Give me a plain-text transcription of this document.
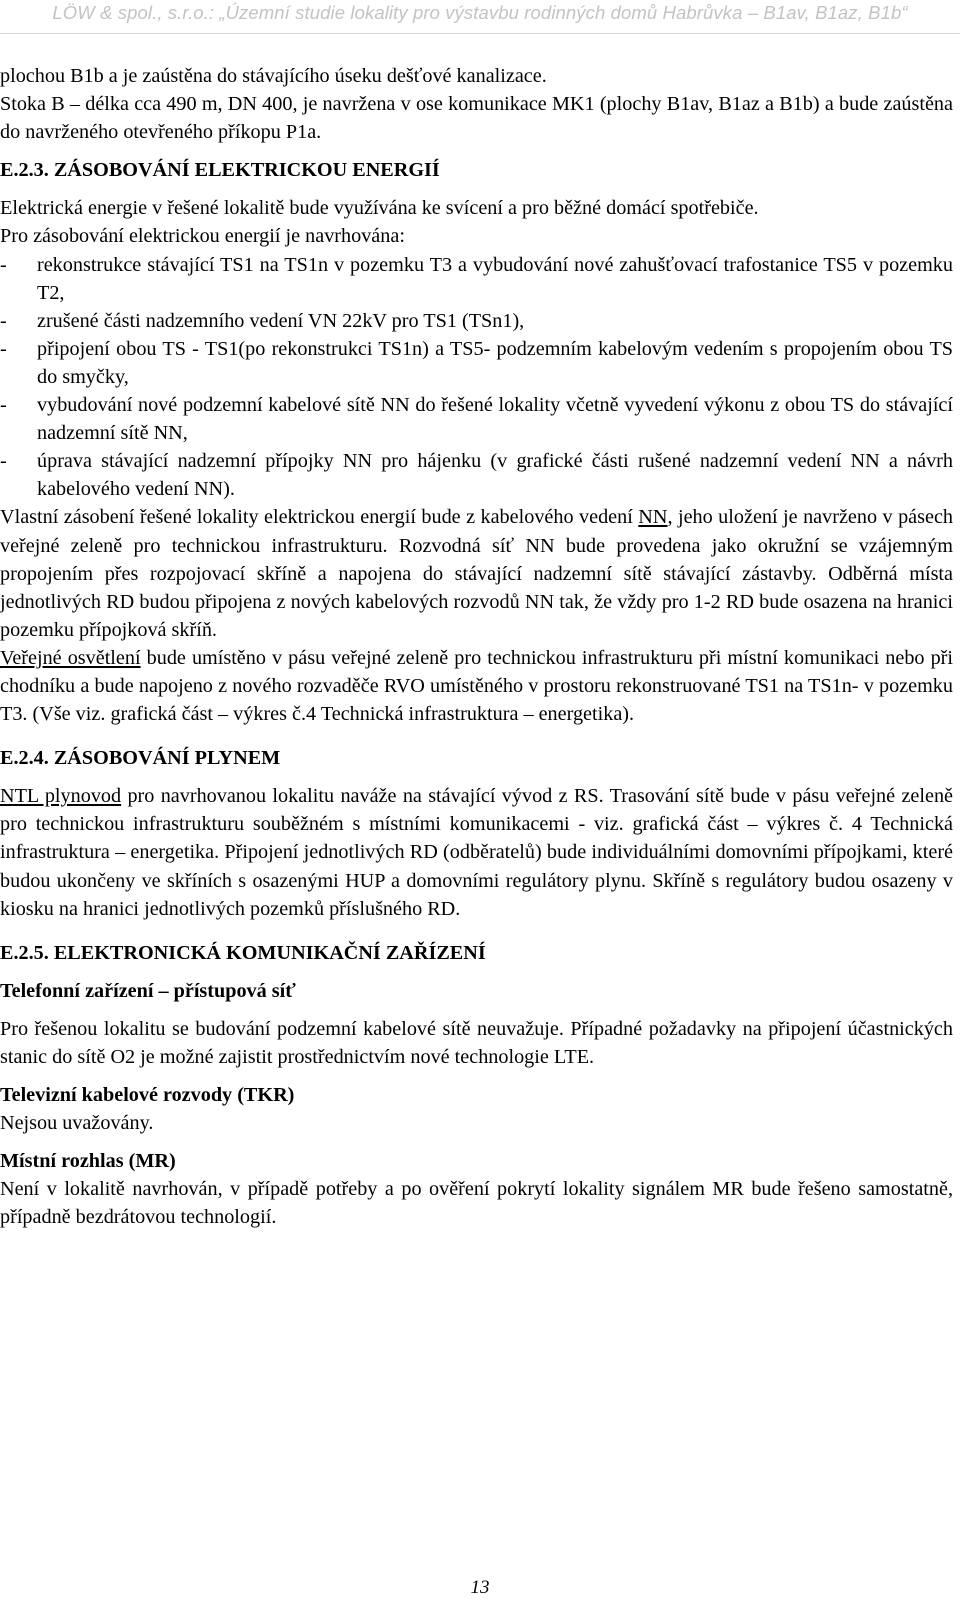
LÖW & spol., s.r.o.: „Územní studie lokality pro výstavbu rodinných domů Habrůvka – B1av, B1az, B1b“

plochou B1b a je zaústěna do stávajícího úseku dešťové kanalizace.

Stoka B – délka cca 490 m, DN 400, je navržena v ose komunikace MK1 (plochy B1av, B1az a B1b) a bude zaústěna do navrženého otevřeného příkopu P1a.

E.2.3. ZÁSOBOVÁNÍ ELEKTRICKOU ENERGIÍ

Elektrická energie v řešené lokalitě bude využívána ke svícení a pro běžné domácí spotřebiče.

Pro zásobování elektrickou energií je navrhována:

- rekonstrukce stávající TS1 na TS1n v pozemku T3 a vybudování nové zahušťovací trafostanice TS5 v pozemku T2,
- zrušené části nadzemního vedení VN 22kV pro TS1 (TSn1),
- připojení obou TS - TS1(po rekonstrukci TS1n) a TS5- podzemním kabelovým vedením s propojením obou TS do smyčky,
- vybudování nové podzemní kabelové sítě NN do řešené lokality včetně vyvedení výkonu z obou TS do stávající nadzemní sítě NN,
- úprava stávající nadzemní přípojky NN pro hájenku (v grafické části rušené nadzemní vedení NN a návrh kabelového vedení NN).

Vlastní zásobení řešené lokality elektrickou energií bude z kabelového vedení NN, jeho uložení je navrženo v pásech veřejné zeleně pro technickou infrastrukturu. Rozvodná síť NN bude provedena jako okružní se vzájemným propojením přes rozpojovací skříně a napojena do stávající nadzemní sítě stávající zástavby. Odběrná místa jednotlivých RD budou připojena z nových kabelových rozvodů NN tak, že vždy pro 1-2 RD bude osazena na hranici pozemku přípojková skříň.

Veřejné osvětlení bude umístěno v pásu veřejné zeleně pro technickou infrastrukturu při místní komunikaci nebo při chodníku a bude napojeno z nového rozvaděče RVO umístěného v prostoru rekonstruované TS1 na TS1n- v pozemku T3. (Vše viz. grafická část – výkres č.4 Technická infrastruktura – energetika).

E.2.4. ZÁSOBOVÁNÍ PLYNEM

NTL plynovod pro navrhovanou lokalitu naváže na stávající vývod z RS. Trasování sítě bude v pásu veřejné zeleně pro technickou infrastrukturu souběžném s místními komunikacemi - viz. grafická část – výkres č. 4 Technická infrastruktura – energetika. Připojení jednotlivých RD (odběratelů) bude individuálními domovními přípojkami, které budou ukončeny ve skříních s osazenými HUP a domovními regulátory plynu. Skříně s regulátory budou osazeny v kiosku na hranici jednotlivých pozemků příslušného RD.

E.2.5. ELEKTRONICKÁ KOMUNIKAČNÍ ZAŘÍZENÍ

Telefonní zařízení – přístupová síť

Pro řešenou lokalitu se budování podzemní kabelové sítě neuvažuje. Případné požadavky na připojení účastnických stanic do sítě O2 je možné zajistit prostřednictvím nové technologie LTE.

Televizní kabelové rozvody (TKR)

Nejsou uvažovány.

Místní rozhlas (MR)

Není v lokalitě navrhován, v případě potřeby a po ověření pokrytí lokality signálem MR bude řešeno samostatně, případně bezdrátovou technologií.

13
